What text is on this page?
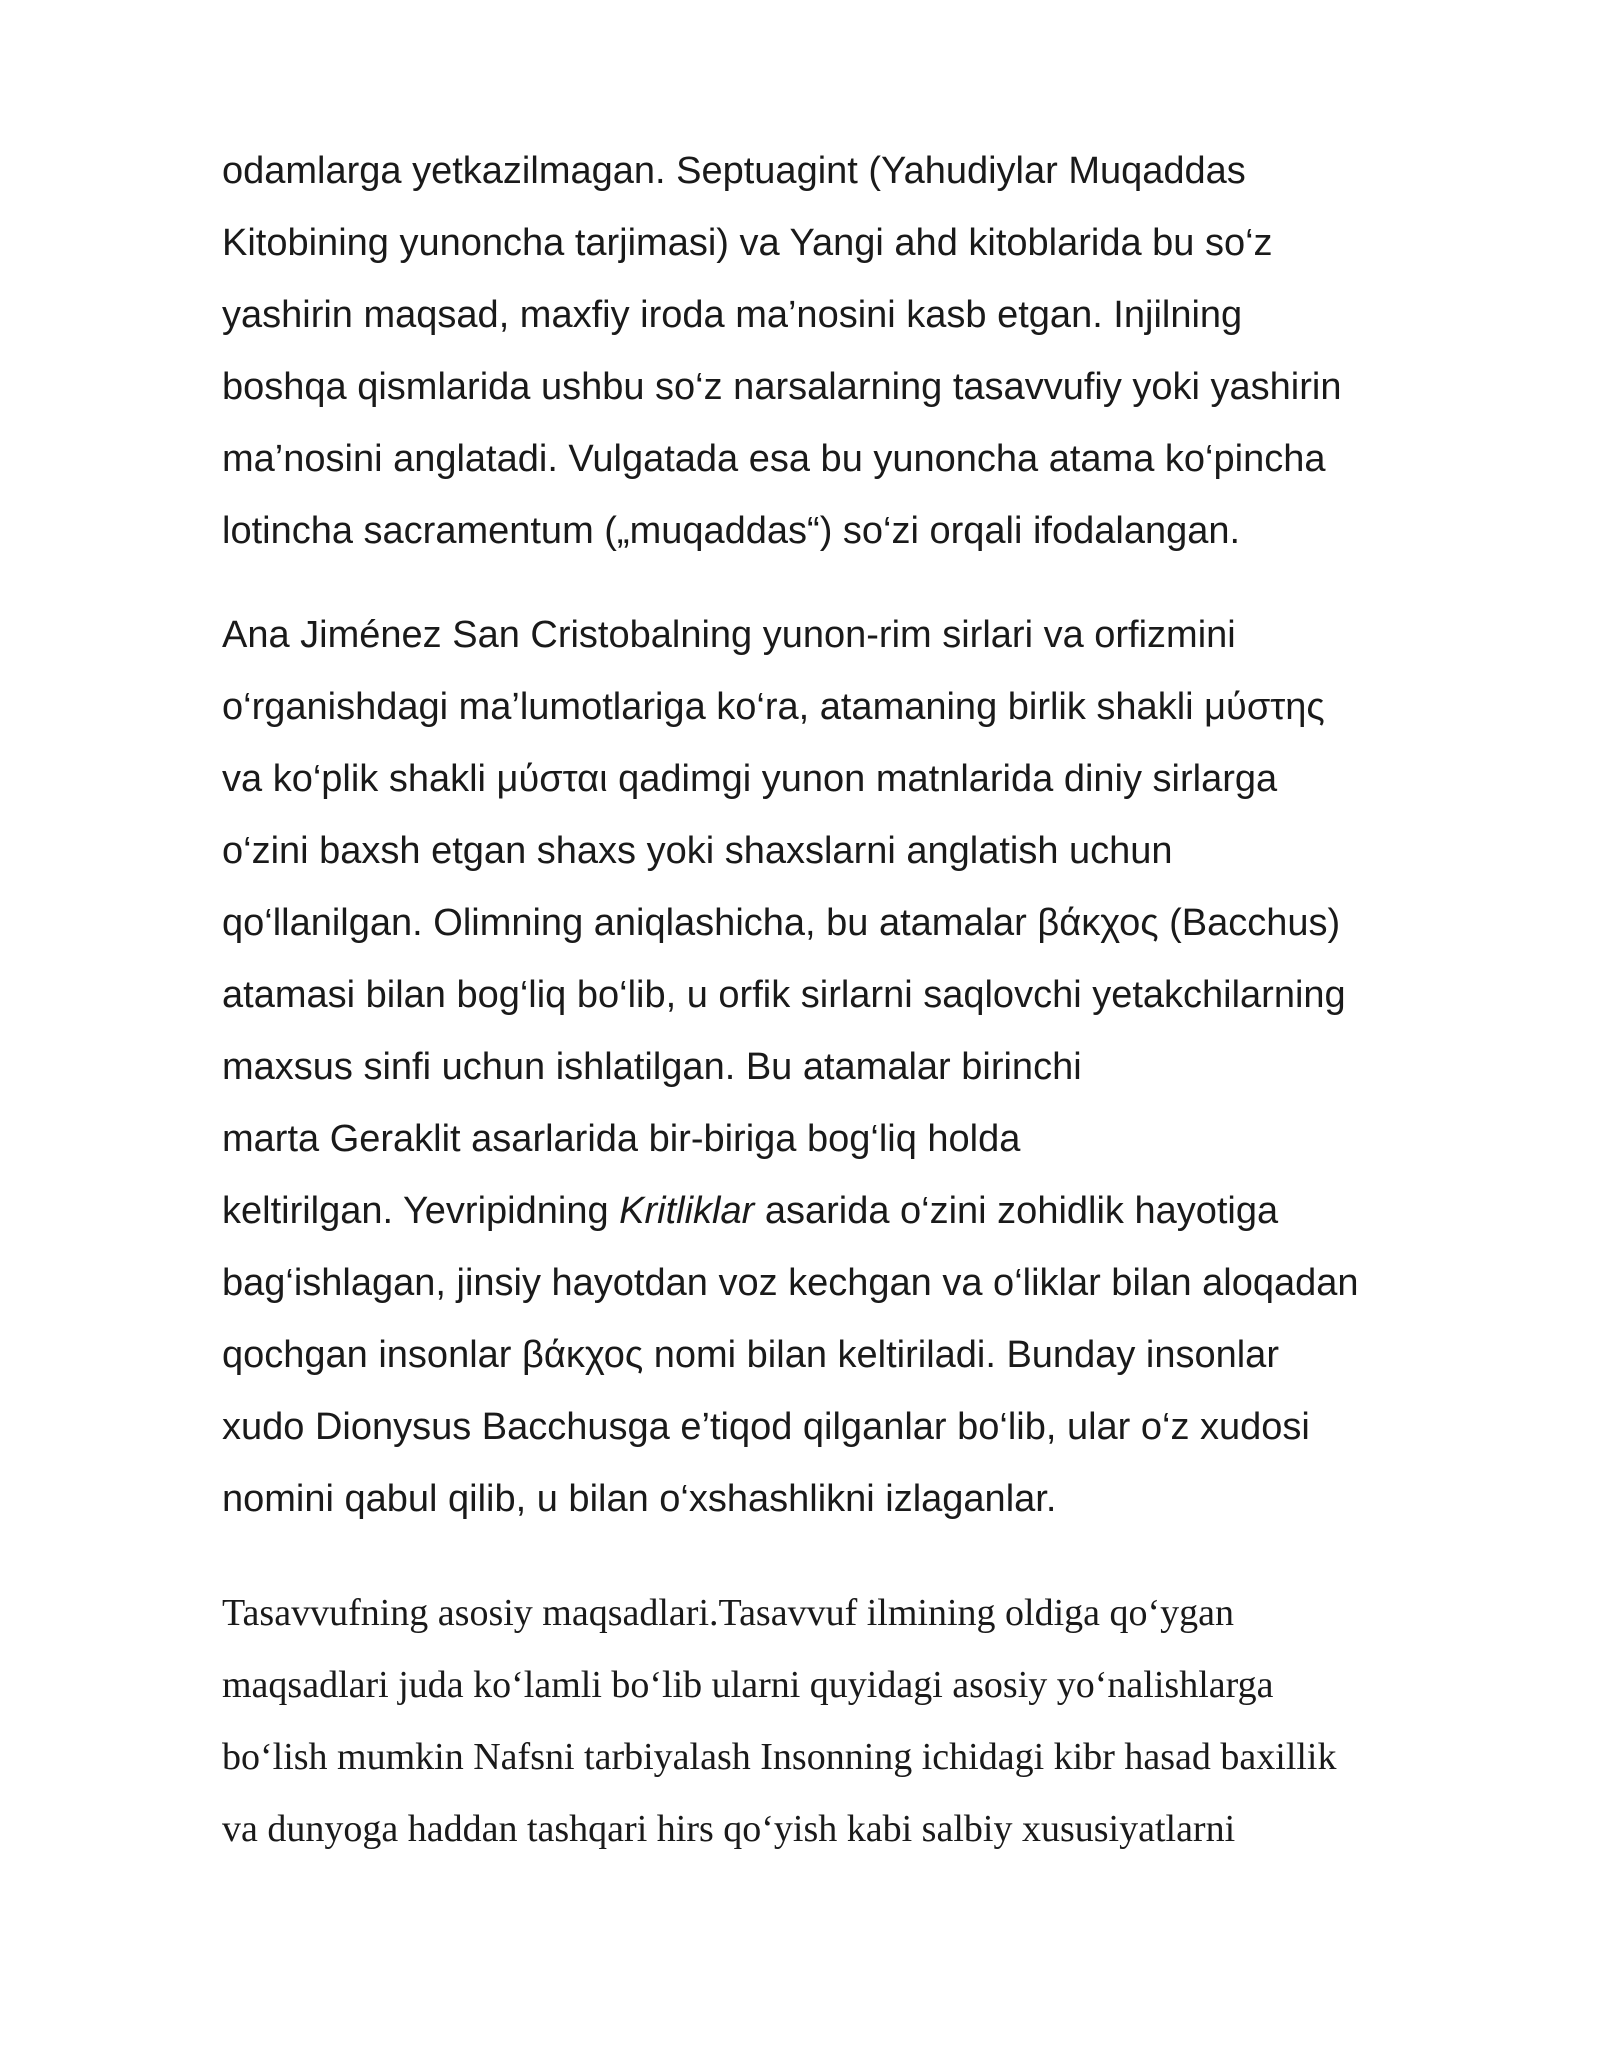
odamlarga yetkazilmagan. Septuagint (Yahudiylar Muqaddas
Kitobining yunoncha tarjimasi) va Yangi ahd kitoblarida bu so‘z
yashirin maqsad, maxfiy iroda ma’nosini kasb etgan. Injilning
boshqa qismlarida ushbu so‘z narsalarning tasavvufiy yoki yashirin
ma’nosini anglatadi. Vulgatada esa bu yunoncha atama ko‘pincha
lotincha sacramentum („muqaddas“) so‘zi orqali ifodalangan.
Ana Jiménez San Cristobalning yunon-rim sirlari va orfizmini
o‘rganishdagi ma’lumotlariga ko‘ra, atamaning birlik shakli μύστης
va ko‘plik shakli μύσται qadimgi yunon matnlarida diniy sirlarga
o‘zini baxsh etgan shaxs yoki shaxslarni anglatish uchun
qo‘llanilgan. Olimning aniqlashicha, bu atamalar βάκχος (Bacchus)
atamasi bilan bog‘liq bo‘lib, u orfik sirlarni saqlovchi yetakchilarning
maxsus sinfi uchun ishlatilgan. Bu atamalar birinchi
marta Geraklit asarlarida bir-biriga bog‘liq holda
keltirilgan. Yevripidning Kritliklar asarida o‘zini zohidlik hayotiga
bag‘ishlagan, jinsiy hayotdan voz kechgan va o‘liklar bilan aloqadan
qochgan insonlar βάκχος nomi bilan keltiriladi. Bunday insonlar
xudo Dionysus Bacchusga e’tiqod qilganlar bo‘lib, ular o‘z xudosi
nomini qabul qilib, u bilan o‘xshashlikni izlaganlar.
Tasavvufning asosiy maqsadlari.Tasavvuf ilmining oldiga qo‘ygan
maqsadlari juda ko‘lamli bo‘lib ularni quyidagi asosiy yo‘nalishlarga
bo‘lish mumkin Nafsni tarbiyalash Insonning ichidagi kibr hasad baxillik
va dunyoga haddan tashqari hirs qo‘yish kabi salbiy xususiyatlarni
